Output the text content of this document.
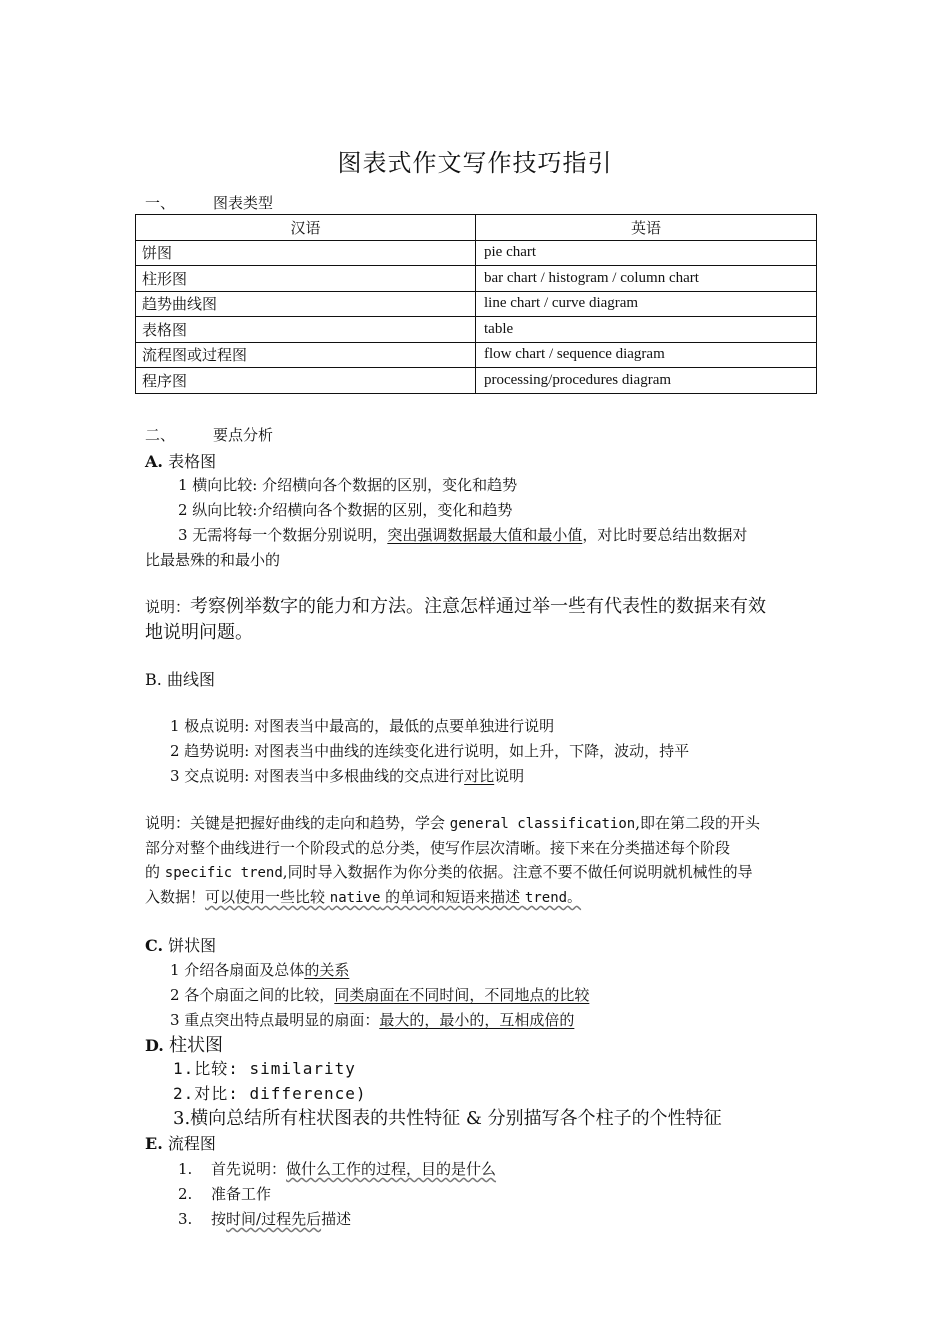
图表式作文写作技巧指引
一、	图表类型
汉语	英语
饼图	pie chart
柱形图	bar chart / histogram / column chart
趋势曲线图	line chart / curve diagram
表格图	table
流程图或过程图	flow chart / sequence diagram
程序图	processing/procedures diagram
二、	要点分析
A. 表格图
1 横向比较: 介绍横向各个数据的区别，变化和趋势
2 纵向比较:介绍横向各个数据的区别，变化和趋势
3 无需将每一个数据分别说明，突出强调数据最大值和最小值，对比时要总结出数据对
比最悬殊的和最小的
说明：考察例举数字的能力和方法。注意怎样通过举一些有代表性的数据来有效
地说明问题。
B. 曲线图
1 极点说明: 对图表当中最高的，最低的点要单独进行说明
2 趋势说明: 对图表当中曲线的连续变化进行说明，如上升，下降，波动，持平
3 交点说明: 对图表当中多根曲线的交点进行对比说明
说明：关键是把握好曲线的走向和趋势，学会 general classification,即在第二段的开头
部分对整个曲线进行一个阶段式的总分类，使写作层次清晰。接下来在分类描述每个阶段
的 specific trend,同时导入数据作为你分类的依据。注意不要不做任何说明就机械性的导
入数据！可以使用一些比较 native 的单词和短语来描述 trend。
C. 饼状图
1 介绍各扇面及总体的关系
2 各个扇面之间的比较，同类扇面在不同时间，不同地点的比较
3 重点突出特点最明显的扇面：最大的，最小的，互相成倍的
D. 柱状图
1.比较: similarity
2.对比: difference)
3.横向总结所有柱状图表的共性特征 & 分别描写各个柱子的个性特征
E. 流程图
1. 首先说明：做什么工作的过程，目的是什么
2. 准备工作
3. 按时间/过程先后描述
